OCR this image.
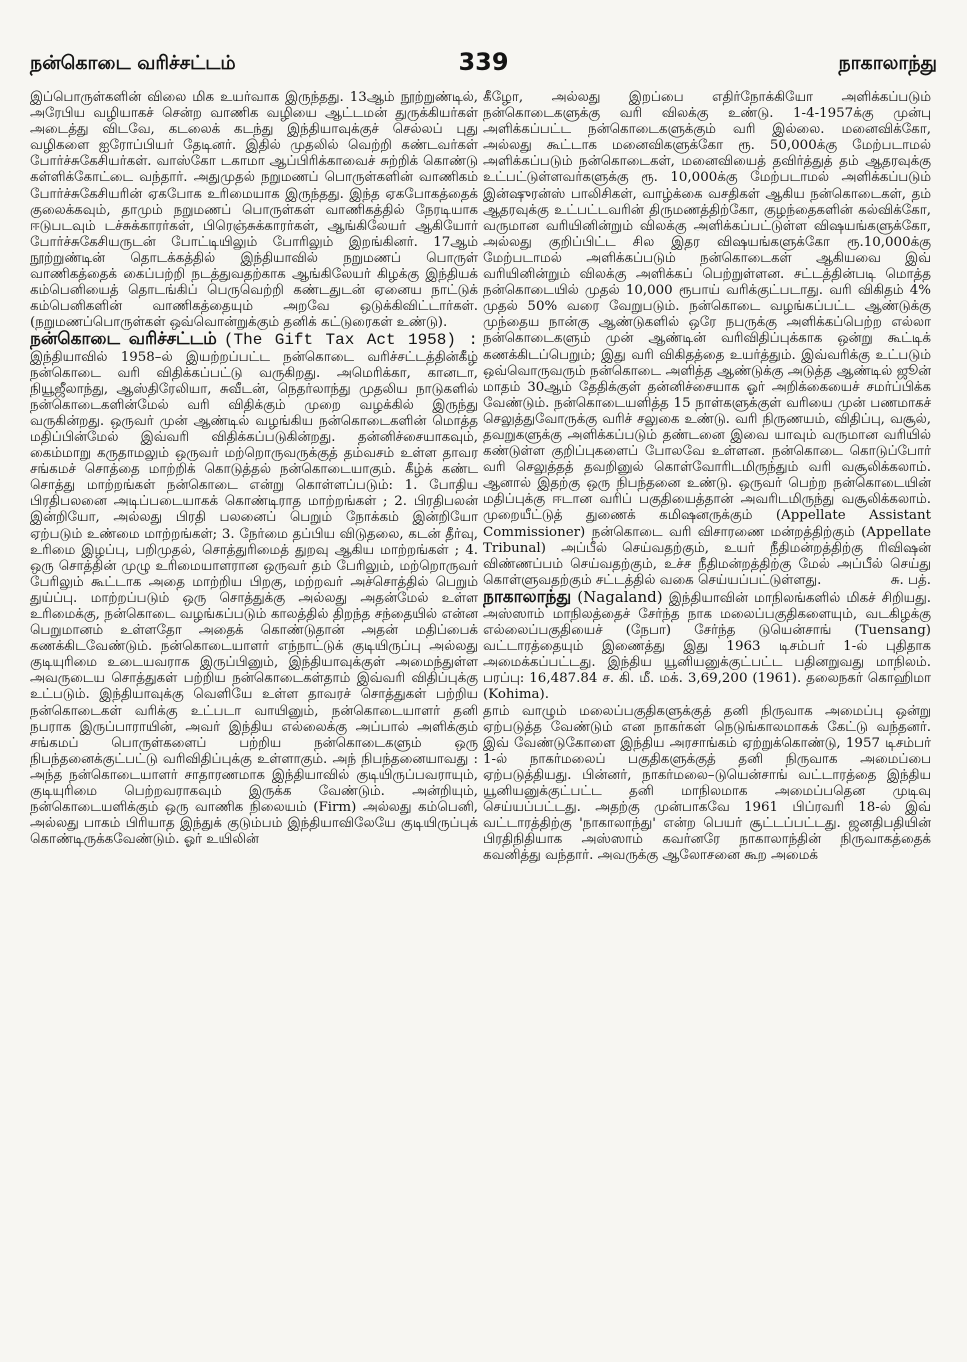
நன்கொடை வரிச்சட்டம்	339	நாகாலாந்து

இப்பொருள்களின் விலை மிக உயர்வாக இருந்தது. 13ஆம் நூற்றுண்டில், அரேபிய வழியாகச் சென்ற வாணிக வழியை ஆட்டமன் துருக்கியர்கள் அடைத்து விடவே, கடலைக் கடந்து இந்தியாவுக்குச் செல்லப் புது வழிகளை ஐரோப்பியர் தேடினர். இதில் முதலில் வெற்றி கண்டவர்கள் போர்ச்சுகேசியர்கள். வாஸ்கோ டகாமா ஆப்பிரிக்காவைச் சுற்றிக் கொண்டு கள்ளிக்கோட்டை வந்தார். அதுமுதல் நறுமணப் பொருள்களின் வாணிகம் போர்ச்சுகேசியரின் ஏகபோக உரிமையாக இருந்தது. இந்த ஏகபோகத்தைக் குலைக்கவும், தாமும் நறுமணப் பொருள்கள் வாணிகத்தில் நேரடியாக ஈடுபடவும் டச்சுக்காரர்கள், பிரெஞ்சுக்காரர்கள், ஆங்கிலேயர் ஆகியோர் போர்ச்சுகேசியருடன் போட்டியிலும் போரிலும் இறங்கினர். 17ஆம் நூற்றுண்டின் தொடக்கத்தில் இந்தியாவில் நறுமணப் பொருள் வாணிகத்தைக் கைப்பற்றி நடத்துவதற்காக ஆங்கிலேயர் கிழக்கு இந்தியக் கம்பெனியைத் தொடங்கிப் பெருவெற்றி கண்டதுடன் ஏனைய நாட்டுக் கம்பெனிகளின் வாணிகத்தையும் அறவே ஒடுக்கிவிட்டார்கள். (நறுமணப்பொருள்கள் ஒவ்வொன்றுக்கும் தனிக் கட்டுரைகள் உண்டு).

நன்கொடை வரிச்சட்டம் (The Gift Tax Act 1958) : இந்தியாவில் 1958–ல் இயற்றப்பட்ட நன்கொடை வரிச்சட்டத்தின்கீழ் நன்கொடை வரி விதிக்கப்பட்டு வருகிறது. அமெரிக்கா, கானடா, நியூஜீலாந்து, ஆஸ்திரேலியா, சுவீடன், நெதர்லாந்து முதலிய நாடுகளில் நன்கொடைகளின்மேல் வரி விதிக்கும் முறை வழக்கில் இருந்து வருகின்றது. ஒருவர் முன் ஆண்டில் வழங்கிய நன்கொடைகளின் மொத்த மதிப்பின்மேல் இவ்வரி விதிக்கப்படுகின்றது. தன்னிச்சையாகவும், கைம்மாறு கருதாமலும் ஒருவர் மற்றொருவருக்குத் தம்வசம் உள்ள தாவர சங்கமச் சொத்தை மாற்றிக் கொடுத்தல் நன்கொடையாகும். கீழ்க் கண்ட சொத்து மாற்றங்கள் நன்கொடை என்று கொள்ளப்படும்: 1. போதிய பிரதிபலனை அடிப்படையாகக் கொண்டிராத மாற்றங்கள் ; 2. பிரதிபலன் இன்றியோ, அல்லது பிரதி பலனைப் பெறும் நோக்கம் இன்றியோ ஏற்படும் உண்மை மாற்றங்கள்; 3. நேர்மை தப்பிய விடுதலை, கடன் தீர்வு, உரிமை இழப்பு, பறிமுதல், சொத்துரிமைத் துறவு ஆகிய மாற்றங்கள் ; 4. ஒரு சொத்தின் முழு உரிமையாளரான ஒருவர் தம் பேரிலும், மற்றொருவர் பேரிலும் கூட்டாக அதை மாற்றிய பிறகு, மற்றவர் அச்சொத்தில் பெறும் துய்ப்பு. மாற்றப்படும் ஒரு சொத்துக்கு அல்லது அதன்மேல் உள்ள உரிமைக்கு, நன்கொடை வழங்கப்படும் காலத்தில் திறந்த சந்தையில் என்ன பெறுமானம் உள்ளதோ அதைக் கொண்டுதான் அதன் மதிப்பைக் கணக்கிடவேண்டும். நன்கொடையாளர் எந்நாட்டுக் குடியிருப்பு அல்லது குடியுரிமை உடையவராக இருப்பினும், இந்தியாவுக்குள் அமைந்துள்ள அவருடைய சொத்துகள் பற்றிய நன்கொடைகள்தாம் இவ்வரி விதிப்புக்கு உட்படும். இந்தியாவுக்கு வெளியே உள்ள தாவரச் சொத்துகள் பற்றிய நன்கொடைகள் வரிக்கு உட்படா வாயினும், நன்கொடையாளர் தனி நபராக இருப்பாராயின், அவர் இந்திய எல்லைக்கு அப்பால் அளிக்கும் சங்கமப் பொருள்களைப் பற்றிய நன்கொடைகளும் ஒரு நிபந்தனைக்குட்பட்டு வரிவிதிப்புக்கு உள்ளாகும். அந் நிபந்தனையாவது : அந்த நன்கொடையாளர் சாதாரணமாக இந்தியாவில் குடியிருப்பவராயும், குடியுரிமை பெற்றவராகவும் இருக்க வேண்டும். அன்றியும், நன்கொடையளிக்கும் ஒரு வாணிக நிலையம் (Firm) அல்லது கம்பெனி, அல்லது பாகம் பிரியாத இந்துக் குடும்பம் இந்தியாவிலேயே குடியிருப்புக் கொண்டிருக்கவேண்டும். ஓர் உயிலின்

கீழோ, அல்லது இறப்பை எதிர்நோக்கியோ அளிக்கப்படும் நன்கொடைகளுக்கு வரி விலக்கு உண்டு. 1-4-1957க்கு முன்பு அளிக்கப்பட்ட நன்கொடைகளுக்கும் வரி இல்லை. மனைவிக்கோ, அல்லது கூட்டாக மனைவிகளுக்கோ ரூ. 50,000க்கு மேற்படாமல் அளிக்கப்படும் நன்கொடைகள், மனைவியைத் தவிர்த்துத் தம் ஆதரவுக்கு உட்பட்டுள்ளவர்களுக்கு ரூ. 10,000க்கு மேற்படாமல் அளிக்கப்படும் இன்ஷுரன்ஸ் பாலிசிகள், வாழ்க்கை வசதிகள் ஆகிய நன்கொடைகள், தம் ஆதரவுக்கு உட்பட்டவரின் திருமணத்திற்கோ, குழந்தைகளின் கல்விக்கோ, வருமான வரியினின்றும் விலக்கு அளிக்கப்பட்டுள்ள விஷயங்களுக்கோ, அல்லது குறிப்பிட்ட சில இதர விஷயங்களுக்கோ ரூ.10,000க்கு மேற்படாமல் அளிக்கப்படும் நன்கொடைகள் ஆகியவை இவ் வரியினின்றும் விலக்கு அளிக்கப் பெற்றுள்ளன. சட்டத்தின்படி மொத்த நன்கொடையில் முதல் 10,000 ரூபாய் வரிக்குட்படாது. வரி விகிதம் 4% முதல் 50% வரை வேறுபடும். நன்கொடை வழங்கப்பட்ட ஆண்டுக்கு முந்தைய நான்கு ஆண்டுகளில் ஒரே நபருக்கு அளிக்கப்பெற்ற எல்லா நன்கொடைகளும் முன் ஆண்டின் வரிவிதிப்புக்காக ஒன்று கூட்டிக் கணக்கிடப்பெறும்; இது வரி விகிதத்தை உயர்த்தும். இவ்வரிக்கு உட்படும் ஒவ்வொருவரும் நன்கொடை அளித்த ஆண்டுக்கு அடுத்த ஆண்டில் ஜூன் மாதம் 30ஆம் தேதிக்குள் தன்னிச்சையாக ஓர் அறிக்கையைச் சமர்ப்பிக்க வேண்டும். நன்கொடையளித்த 15 நாள்களுக்குள் வரியை முன் பணமாகச் செலுத்துவோருக்கு வரிச் சலுகை உண்டு. வரி நிருணயம், விதிப்பு, வசூல், தவறுகளுக்கு அளிக்கப்படும் தண்டனை இவை யாவும் வருமான வரியில் கண்டுள்ள குறிப்புகளைப் போலவே உள்ளன. நன்கொடை கொடுப்போர் வரி செலுத்தத் தவறினுல் கொள்வோரிடமிருந்தும் வரி வசூலிக்கலாம். ஆனால் இதற்கு ஒரு நிபந்தனை உண்டு. ஒருவர் பெற்ற நன்கொடையின் மதிப்புக்கு ஈடான வரிப் பகுதியைத்தான் அவரிடமிருந்து வசூலிக்கலாம். முறையீட்டுத் துணைக் கமிஷனருக்கும் (Appellate Assistant Commissioner) நன்கொடை வரி விசாரணை மன்றத்திற்கும் (Appellate Tribunal) அப்பீல் செய்வதற்கும், உயர் நீதிமன்றத்திற்கு ரிவிஷன் விண்ணப்பம் செய்வதற்கும், உச்ச நீதிமன்றத்திற்கு மேல் அப்பீல் செய்து கொள்ளுவதற்கும் சட்டத்தில் வகை செய்யப்பட்டுள்ளது.	சு. பத்.

நாகாலாந்து (Nagaland) இந்தியாவின் மாநிலங்களில் மிகச் சிறியது. அஸ்ஸாம் மாநிலத்தைச் சேர்ந்த நாக மலைப்பகுதிகளையும், வடகிழக்கு எல்லைப்பகுதியைச் (நேபா) சேர்ந்த டுயென்சாங் (Tuensang) வட்டாரத்தையும் இணைத்து இது 1963 டிசம்பர் 1-ல் புதிதாக அமைக்கப்பட்டது. இந்திய யூனியனுக்குட்பட்ட பதினறுவது மாநிலம். பரப்பு: 16,487.84 ச. கி. மீ. மக். 3,69,200 (1961). தலைநகர் கொஹிமா (Kohima).

தாம் வாழும் மலைப்பகுதிகளுக்குத் தனி நிருவாக அமைப்பு ஒன்று ஏற்படுத்த வேண்டும் என நாகர்கள் நெடுங்காலமாகக் கேட்டு வந்தனர். இவ் வேண்டுகோளை இந்திய அரசாங்கம் ஏற்றுக்கொண்டு, 1957 டிசம்பர் 1-ல் நாகர்மலைப் பகுதிகளுக்குத் தனி நிருவாக அமைப்பை ஏற்படுத்தியது. பின்னர், நாகர்மலை–டுயென்சாங் வட்டாரத்தை இந்திய யூனியனுக்குட்பட்ட தனி மாநிலமாக அமைப்பதென முடிவு செய்யப்பட்டது. அதற்கு முன்பாகவே 1961 பிப்ரவரி 18-ல் இவ் வட்டாரத்திற்கு 'நாகாலாந்து' என்ற பெயர் சூட்டப்பட்டது. ஜனதிபதியின் பிரதிநிதியாக அஸ்ஸாம் கவர்னரே நாகாலாந்தின் நிருவாகத்தைக் கவனித்து வந்தார். அவருக்கு ஆலோசனை கூற அமைக்
